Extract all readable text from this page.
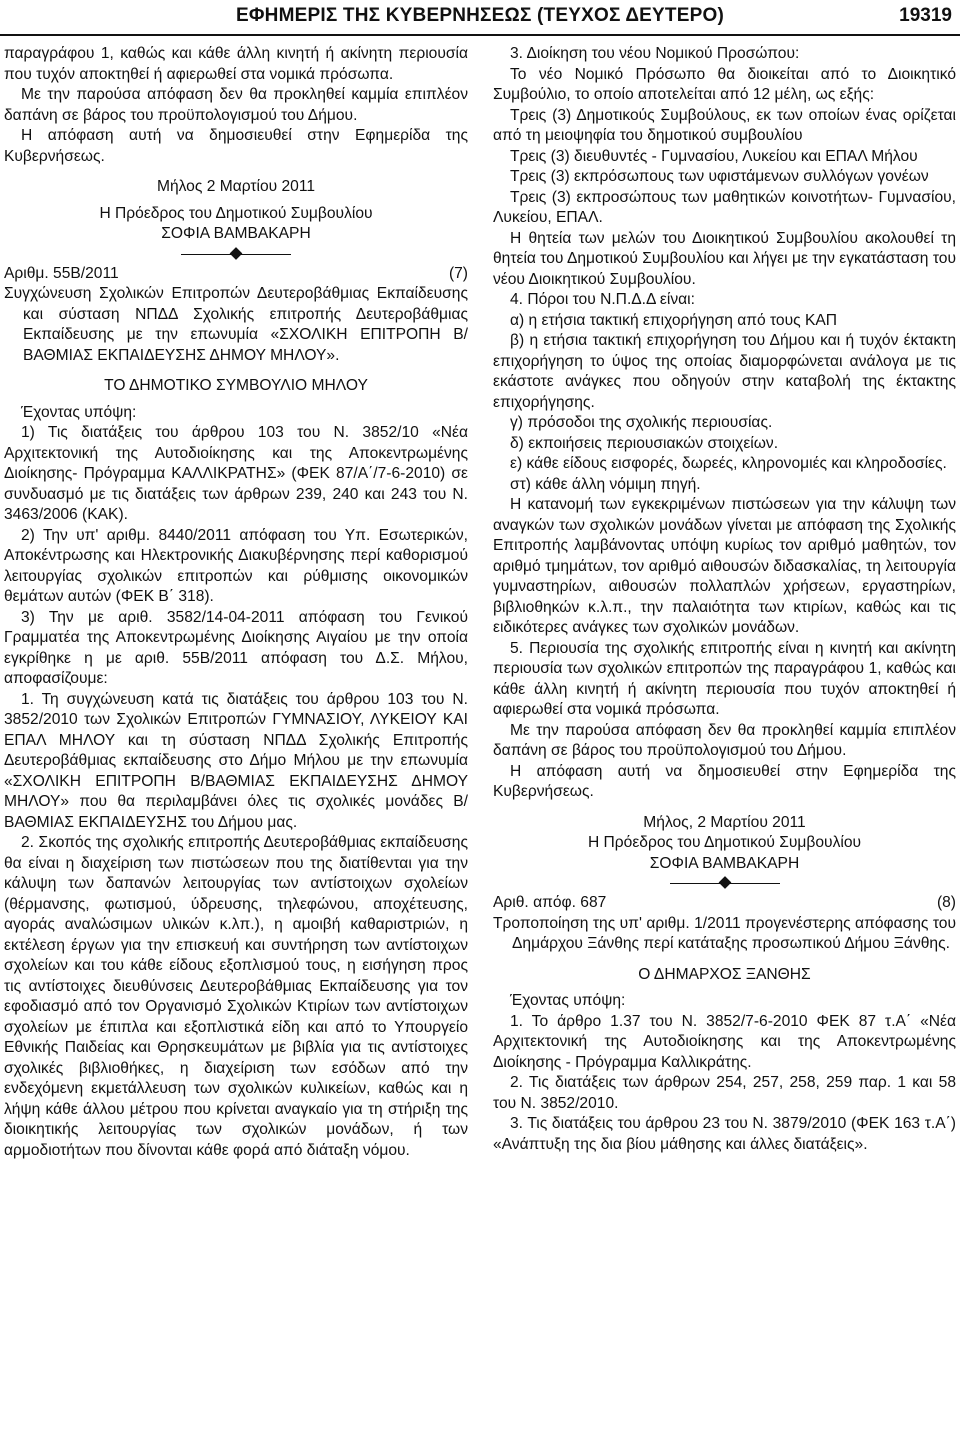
ΕΦΗΜΕΡΙΣ ΤΗΣ ΚΥΒΕΡΝΗΣΕΩΣ (ΤΕΥΧΟΣ ΔΕΥΤΕΡΟ)	19319

παραγράφου 1, καθώς και κάθε άλλη κινητή ή ακίνητη περιουσία που τυχόν αποκτηθεί ή αφιερωθεί στα νομικά πρόσωπα.

Με την παρούσα απόφαση δεν θα προκληθεί καμμία επιπλέον δαπάνη σε βάρος του προϋπολογισμού του Δήμου.

Η απόφαση αυτή να δημοσιευθεί στην Εφημερίδα της Κυβερνήσεως.

Μήλος 2 Μαρτίου 2011

Η Πρόεδρος του Δημοτικού Συμβουλίου

ΣΟΦΙΑ ΒΑΜΒΑΚΑΡΗ

Αριθμ. 55Β/2011	(7)

Συγχώνευση Σχολικών Επιτροπών Δευτεροβάθμιας Εκπαίδευσης και σύσταση ΝΠΔΔ Σχολικής επιτροπής Δευτεροβάθμιας Εκπαίδευσης με την επωνυμία «ΣΧΟΛΙΚΗ ΕΠΙΤΡΟΠΗ Β/ΒΑΘΜΙΑΣ ΕΚΠΑΙΔΕΥΣΗΣ ΔΗΜΟΥ ΜΗΛΟΥ».

ΤΟ ΔΗΜΟΤΙΚΟ ΣΥΜΒΟΥΛΙΟ ΜΗΛΟΥ

Έχοντας υπόψη:

1) Τις διατάξεις του άρθρου 103 του Ν. 3852/10 «Νέα Αρχιτεκτονική της Αυτοδιοίκησης και της Αποκεντρωμένης Διοίκησης- Πρόγραμμα ΚΑΛΛΙΚΡΑΤΗΣ» (ΦΕΚ 87/Α΄/7-6-2010) σε συνδυασμό με τις διατάξεις των άρθρων 239, 240 και 243 του Ν. 3463/2006 (ΚΑΚ).

2) Την υπ' αριθμ. 8440/2011 απόφαση του Υπ. Εσωτερικών, Αποκέντρωσης και Ηλεκτρονικής Διακυβέρνησης περί καθορισμού λειτουργίας σχολικών επιτροπών και ρύθμισης οικονομικών θεμάτων αυτών (ΦΕΚ Β΄ 318).

3) Την με αριθ. 3582/14-04-2011 απόφαση του Γενικού Γραμματέα της Αποκεντρωμένης Διοίκησης Αιγαίου με την οποία εγκρίθηκε η με αριθ. 55Β/2011 απόφαση του Δ.Σ. Μήλου, αποφασίζουμε:

1. Τη συγχώνευση κατά τις διατάξεις του άρθρου 103 του Ν. 3852/2010 των Σχολικών Επιτροπών ΓΥΜΝΑΣΙΟΥ, ΛΥΚΕΙΟΥ ΚΑΙ ΕΠΑΛ ΜΗΛΟΥ και τη σύσταση ΝΠΔΔ Σχολικής Επιτροπής Δευτεροβάθμιας εκπαίδευσης στο Δήμο Μήλου με την επωνυμία «ΣΧΟΛΙΚΗ ΕΠΙΤΡΟΠΗ Β/ΒΑΘΜΙΑΣ ΕΚΠΑΙΔΕΥΣΗΣ ΔΗΜΟΥ ΜΗΛΟΥ» που θα περιλαμβάνει όλες τις σχολικές μονάδες Β/ΒΑΘΜΙΑΣ ΕΚΠΑΙΔΕΥΣΗΣ του Δήμου μας.

2. Σκοπός της σχολικής επιτροπής Δευτεροβάθμιας εκπαίδευσης θα είναι η διαχείριση των πιστώσεων που της διατίθενται για την κάλυψη των δαπανών λειτουργίας των αντίστοιχων σχολείων (θέρμανσης, φωτισμού, ύδρευσης, τηλεφώνου, αποχέτευσης, αγοράς αναλώσιμων υλικών κ.λπ.), η αμοιβή καθαριστριών, η εκτέλεση έργων για την επισκευή και συντήρηση των αντίστοιχων σχολείων και του κάθε είδους εξοπλισμού τους, η εισήγηση προς τις αντίστοιχες διευθύνσεις Δευτεροβάθμιας Εκπαίδευσης για τον εφοδιασμό από τον Οργανισμό Σχολικών Κτιρίων των αντίστοιχων σχολείων με έπιπλα και εξοπλιστικά είδη και από το Υπουργείο Εθνικής Παιδείας και Θρησκευμάτων με βιβλία για τις αντίστοιχες σχολικές βιβλιοθήκες, η διαχείριση των εσόδων από την ενδεχόμενη εκμετάλλευση των σχολικών κυλικείων, καθώς και η λήψη κάθε άλλου μέτρου που κρίνεται αναγκαίο για τη στήριξη της διοικητικής λειτουργίας των σχολικών μονάδων, ή των αρμοδιοτήτων που δίνονται κάθε φορά από διάταξη νόμου.

3. Διοίκηση του νέου Νομικού Προσώπου:

Το νέο Νομικό Πρόσωπο θα διοικείται από το Διοικητικό Συμβούλιο, το οποίο αποτελείται από 12 μέλη, ως εξής:

Τρεις (3) Δημοτικούς Συμβούλους, εκ των οποίων ένας ορίζεται από τη μειοψηφία του δημοτικού συμβουλίου

Τρεις (3) διευθυντές - Γυμνασίου, Λυκείου και ΕΠΑΛ Μήλου

Τρεις (3) εκπρόσωπους των υφιστάμενων συλλόγων γονέων

Τρεις (3) εκπροσώπους των μαθητικών κοινοτήτων- Γυμνασίου, Λυκείου, ΕΠΑΛ.

Η θητεία των μελών του Διοικητικού Συμβουλίου ακολουθεί τη θητεία του Δημοτικού Συμβουλίου και λήγει με την εγκατάσταση του νέου Διοικητικού Συμβουλίου.

4. Πόροι του Ν.Π.Δ.Δ είναι:

α) η ετήσια τακτική επιχορήγηση από τους ΚΑΠ

β) η ετήσια τακτική επιχορήγηση του Δήμου και ή τυχόν έκτακτη επιχορήγηση το ύψος της οποίας διαμορφώνεται ανάλογα με τις εκάστοτε ανάγκες που οδηγούν στην καταβολή της έκτακτης επιχορήγησης.

γ) πρόσοδοι της σχολικής περιουσίας.

δ) εκποιήσεις περιουσιακών στοιχείων.

ε) κάθε είδους εισφορές, δωρεές, κληρονομιές και κληροδοσίες.

στ) κάθε άλλη νόμιμη πηγή.

Η κατανομή των εγκεκριμένων πιστώσεων για την κάλυψη των αναγκών των σχολικών μονάδων γίνεται με απόφαση της Σχολικής Επιτροπής λαμβάνοντας υπόψη κυρίως τον αριθμό μαθητών, τον αριθμό τμημάτων, τον αριθμό αιθουσών διδασκαλίας, τη λειτουργία γυμναστηρίων, αιθουσών πολλαπλών χρήσεων, εργαστηρίων, βιβλιοθηκών κ.λ.π., την παλαιότητα των κτιρίων, καθώς και τις ειδικότερες ανάγκες των σχολικών μονάδων.

5. Περιουσία της σχολικής επιτροπής είναι η κινητή και ακίνητη περιουσία των σχολικών επιτροπών της παραγράφου 1, καθώς και κάθε άλλη κινητή ή ακίνητη περιουσία που τυχόν αποκτηθεί ή αφιερωθεί στα νομικά πρόσωπα.

Με την παρούσα απόφαση δεν θα προκληθεί καμμία επιπλέον δαπάνη σε βάρος του προϋπολογισμού του Δήμου.

Η απόφαση αυτή να δημοσιευθεί στην Εφημερίδα της Κυβερνήσεως.

Μήλος, 2 Μαρτίου 2011

Η Πρόεδρος του Δημοτικού Συμβουλίου

ΣΟΦΙΑ ΒΑΜΒΑΚΑΡΗ

Αριθ. απόφ. 687	(8)

Τροποποίηση της υπ' αριθμ. 1/2011 προγενέστερης απόφασης του Δημάρχου Ξάνθης περί κατάταξης προσωπικού Δήμου Ξάνθης.

Ο ΔΗΜΑΡΧΟΣ ΞΑΝΘΗΣ

Έχοντας υπόψη:

1. Το άρθρο 1.37 του Ν. 3852/7-6-2010 ΦΕΚ 87 τ.Α΄ «Νέα Αρχιτεκτονική της Αυτοδιοίκησης και της Αποκεντρωμένης Διοίκησης - Πρόγραμμα Καλλικράτης.

2. Τις διατάξεις των άρθρων 254, 257, 258, 259 παρ. 1 και 58 του Ν. 3852/2010.

3. Τις διατάξεις του άρθρου 23 του Ν. 3879/2010 (ΦΕΚ 163 τ.Α΄) «Ανάπτυξη της δια βίου μάθησης και άλλες διατάξεις».
